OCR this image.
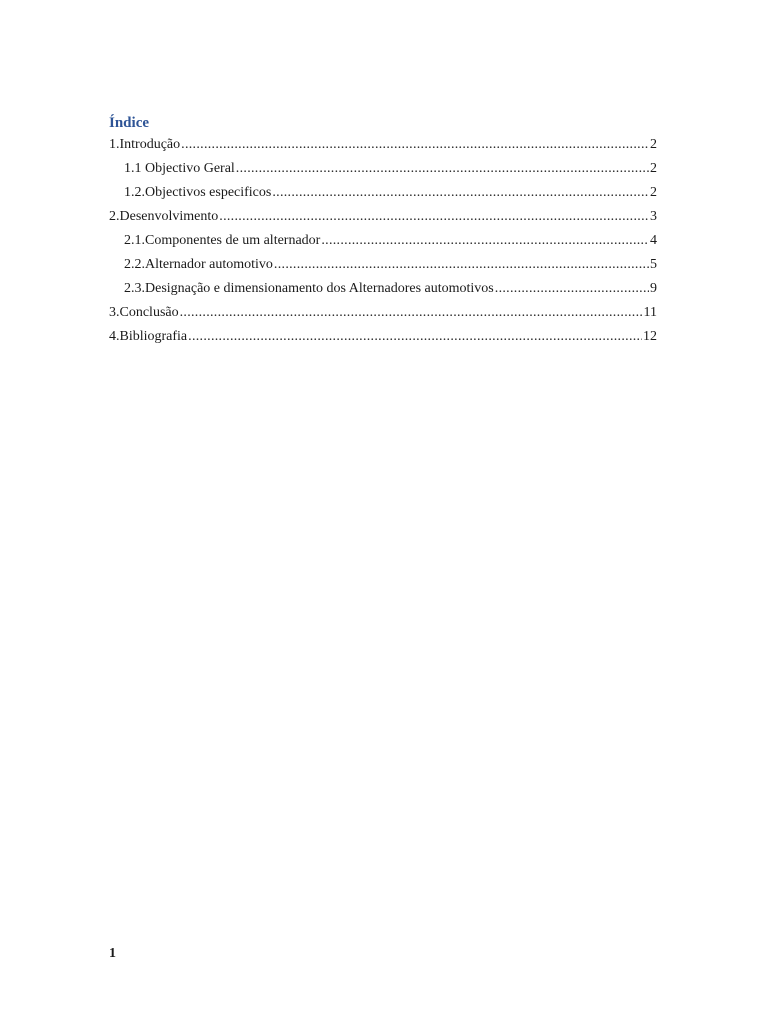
Índice
1.Introdução .....	2
1.1 Objectivo Geral .....	2
1.2.Objectivos especificos .....	2
2.Desenvolvimento .....	3
2.1.Componentes de um alternador .....	4
2.2.Alternador automotivo .....	5
2.3.Designação e dimensionamento dos Alternadores automotivos .....	9
3.Conclusão .....	11
4.Bibliografia .....	12
1
